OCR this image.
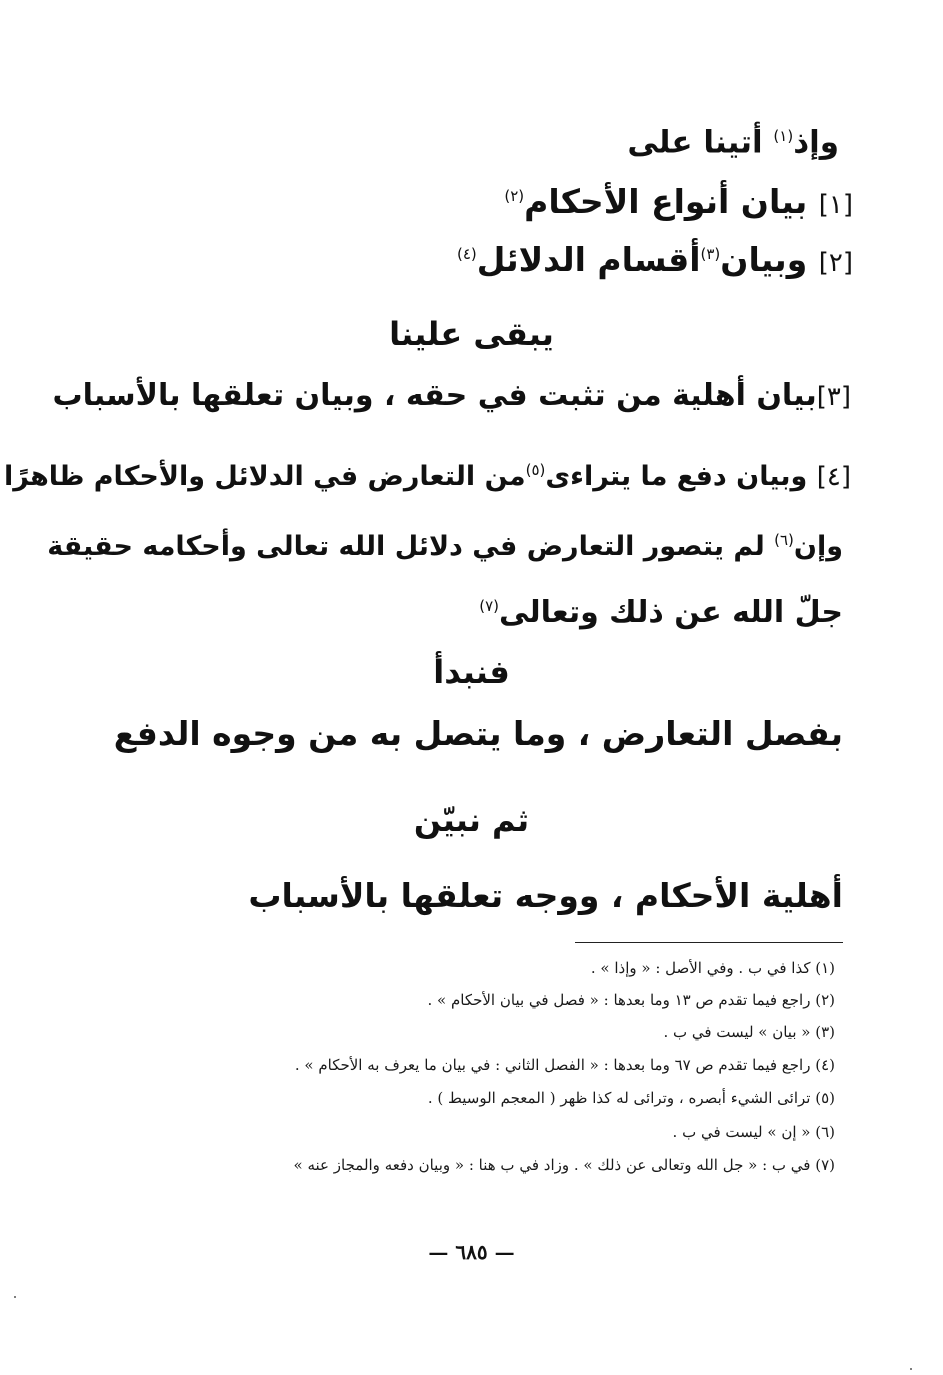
وإذ$^{(١)}$ أتينا على
[١] بيان أنواع الأحكام$^{(٢)}$
[٢] وبيان$^{(٣)}$أقسام الدلائل$^{(٤)}$
يبقى علينا
[٣]بيان أهلية من تثبت في حقه ، وبيان تعلقها بالأسباب
[٤] وبيان دفع ما يتراءى$^{(٥)}$من التعارض في الدلائل والأحكام ظاهرًا
وإن$^{(٦)}$ لم يتصور التعارض في دلائل الله تعالى وأحكامه حقيقة
جلّ الله عن ذلك وتعالى$^{(٧)}$
فنبدأ
بفصل التعارض ، وما يتصل به من وجوه الدفع
ثم نبيّن
أهلية الأحكام ، ووجه تعلقها بالأسباب
(١) كذا في ب . وفي الأصل : « وإذا » .
(٢) راجع فيما تقدم ص ١٣ وما بعدها : « فصل في بيان الأحكام » .
(٣) « بيان » ليست في ب .
(٤) راجع فيما تقدم ص ٦٧ وما بعدها : « الفصل الثاني : في بيان ما يعرف به الأحكام » .
(٥) ترائى الشيء أبصره ، وترائى له كذا ظهر ( المعجم الوسيط ) .
(٦) « إن » ليست في ب .
(٧) في ب : « جل الله وتعالى عن ذلك » . وزاد في ب هنا : « وبيان دفعه والمجاز عنه »
— ٦٨٥ —
